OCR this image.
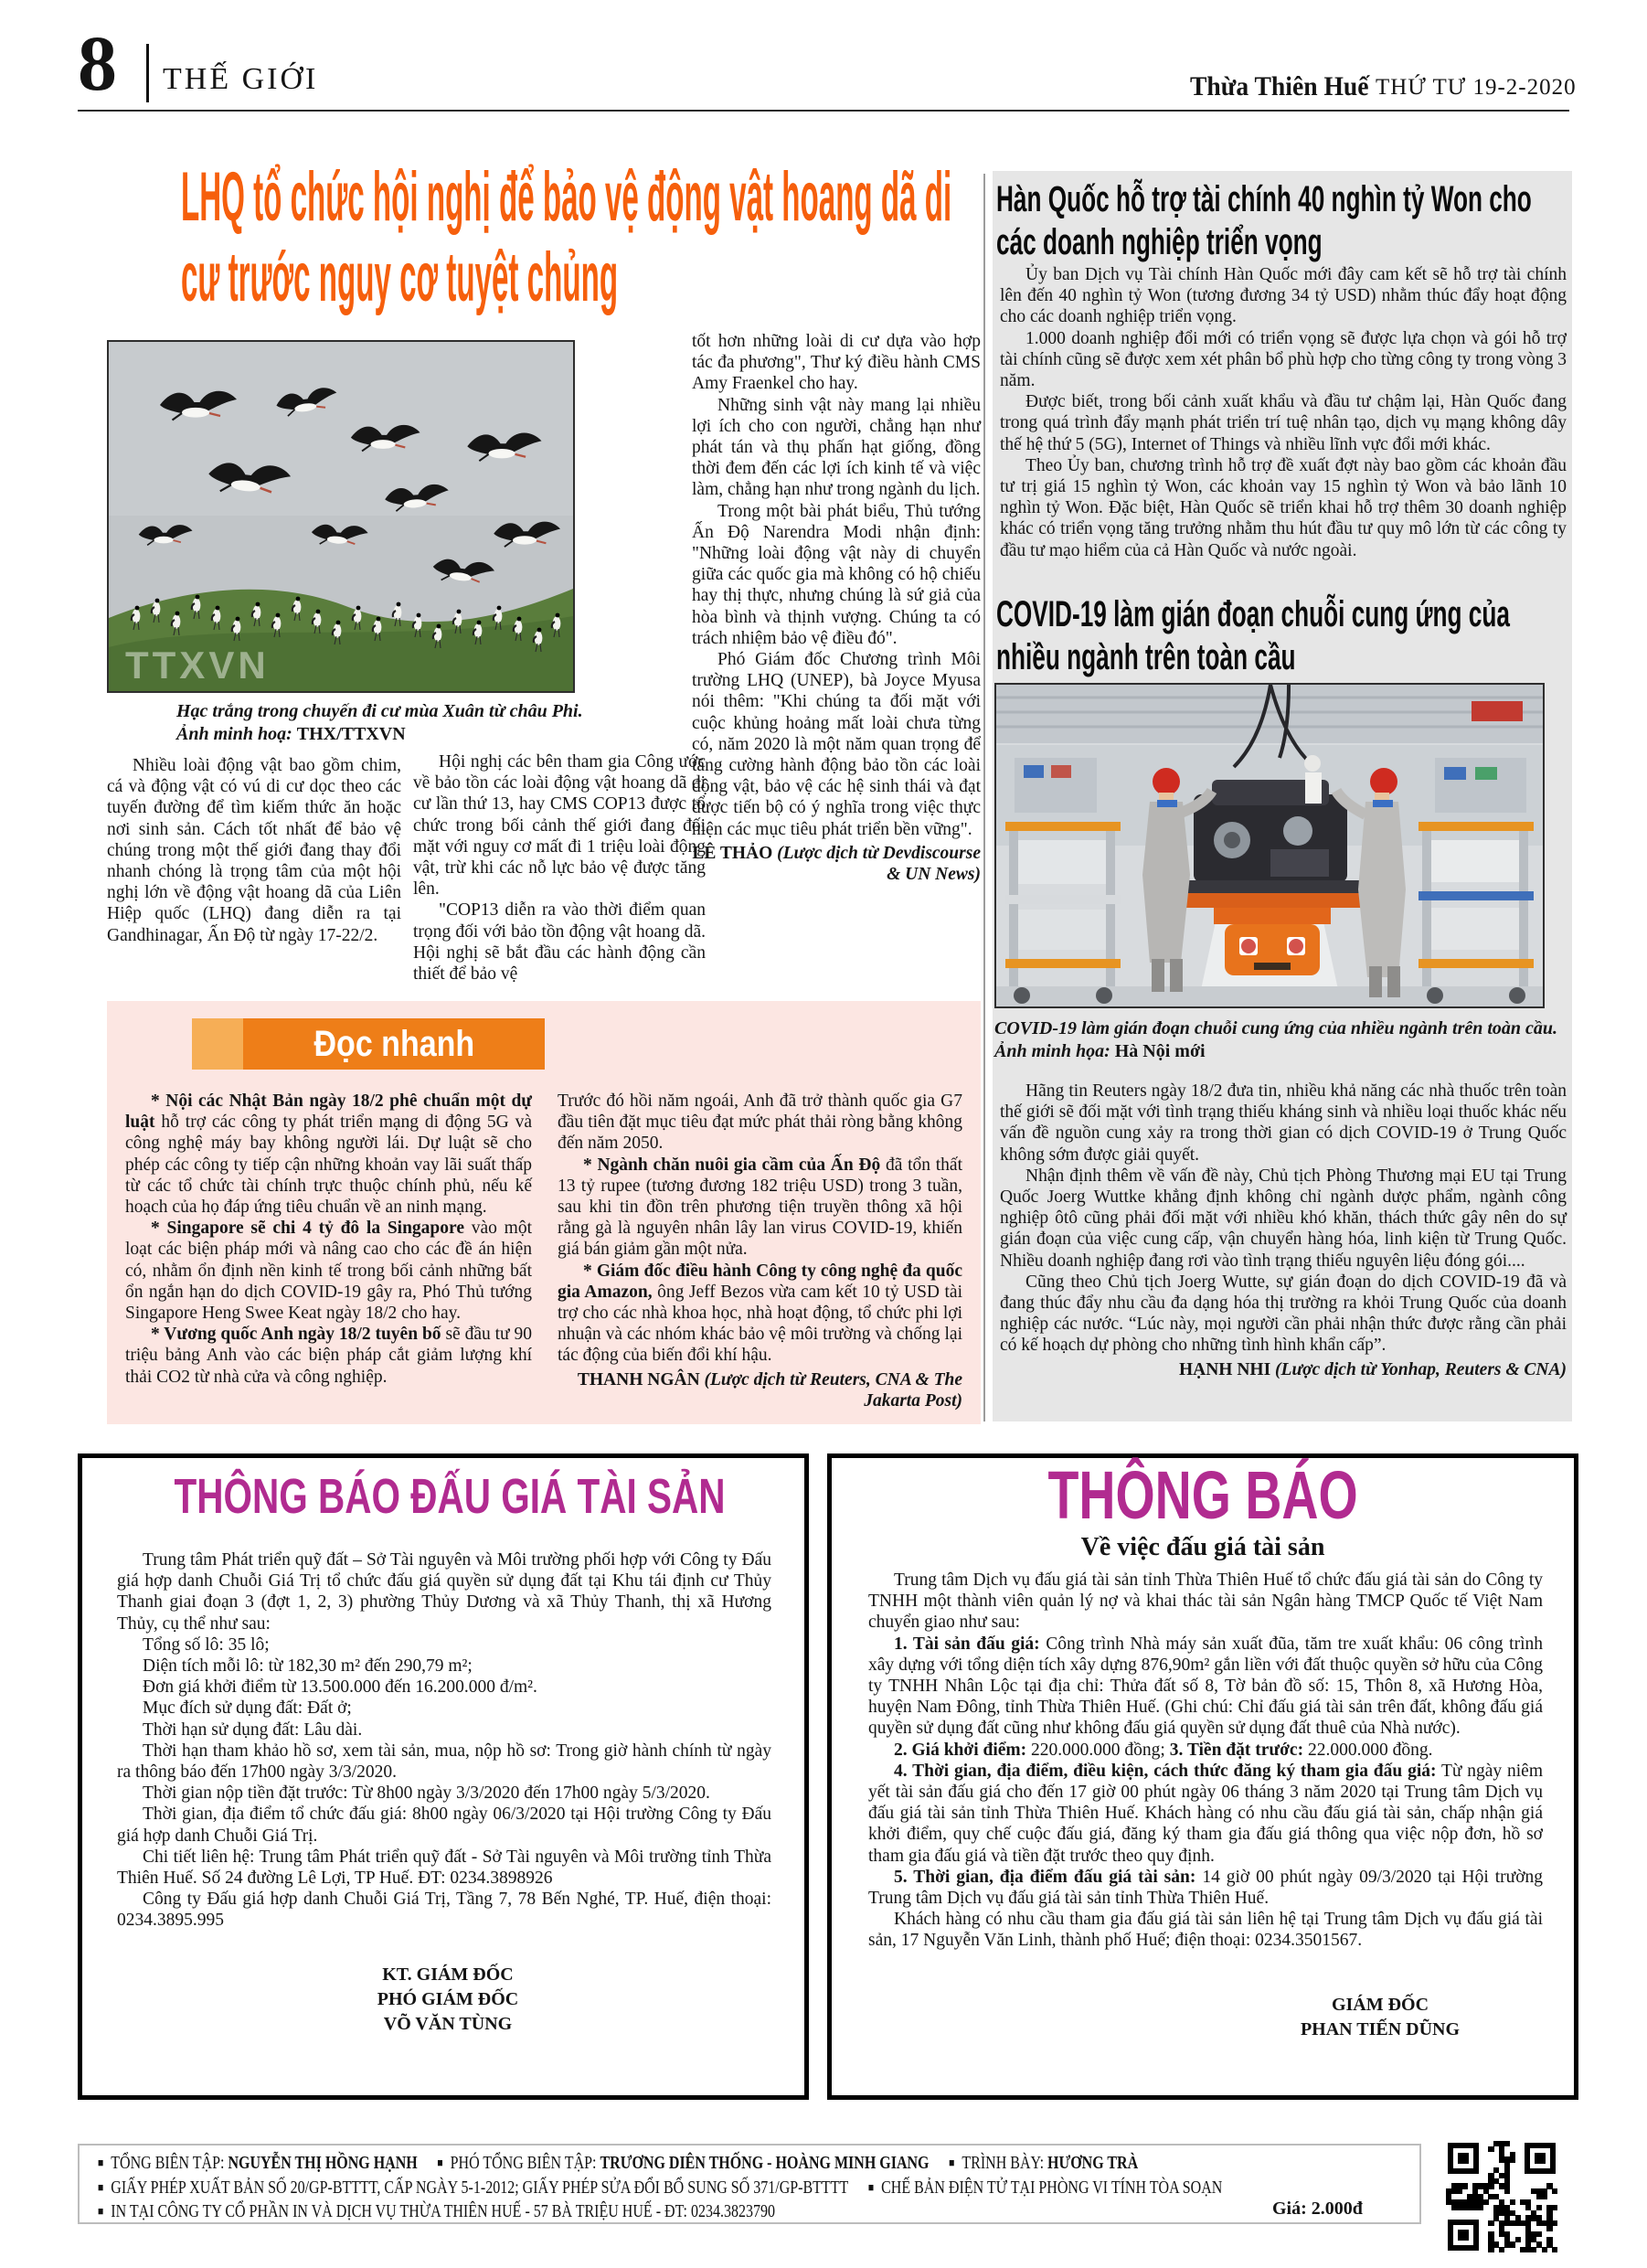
8 THẾ GIỚI	Thừa Thiên Huế THỨ TƯ 19-2-2020
LHQ tổ chức hội nghị để bảo vệ động vật hoang dã di cư trước nguy cơ tuyệt chủng
TTXVN
Hạc trắng trong chuyến đi cư mùa Xuân từ châu Phi.
Ảnh minh hoạ: THX/TTXVN

Nhiều loài động vật bao gồm chim, cá và động vật có vú di cư dọc theo các tuyến đường để tìm kiếm thức ăn hoặc nơi sinh sản. Cách tốt nhất để bảo vệ chúng trong một thế giới đang thay đổi nhanh chóng là trọng tâm của một hội nghị lớn về động vật hoang dã của Liên Hiệp quốc (LHQ) đang diễn ra tại Gandhinagar, Ấn Độ từ ngày 17-22/2.

Hội nghị các bên tham gia Công ước về bảo tồn các loài động vật hoang dã di cư lần thứ 13, hay CMS COP13 được tổ chức trong bối cảnh thế giới đang đối mặt với nguy cơ mất đi 1 triệu loài động vật, trừ khi các nỗ lực bảo vệ được tăng lên.

"COP13 diễn ra vào thời điểm quan trọng đối với bảo tồn động vật hoang dã. Hội nghị sẽ bắt đầu các hành động cần thiết để bảo vệ

tốt hơn những loài di cư dựa vào hợp tác đa phương", Thư ký điều hành CMS Amy Fraenkel cho hay.

Những sinh vật này mang lại nhiều lợi ích cho con người, chẳng hạn như phát tán và thụ phấn hạt giống, đồng thời đem đến các lợi ích kinh tế và việc làm, chẳng hạn như trong ngành du lịch.

Trong một bài phát biểu, Thủ tướng Ấn Độ Narendra Modi nhận định: "Những loài động vật này di chuyển giữa các quốc gia mà không có hộ chiếu hay thị thực, nhưng chúng là sứ giả của hòa bình và thịnh vượng. Chúng ta có trách nhiệm bảo vệ điều đó".

Phó Giám đốc Chương trình Môi trường LHQ (UNEP), bà Joyce Myusa nói thêm: "Khi chúng ta đối mặt với cuộc khủng hoảng mất loài chưa từng có, năm 2020 là một năm quan trọng để tăng cường hành động bảo tồn các loài động vật, bảo vệ các hệ sinh thái và đạt được tiến bộ có ý nghĩa trong việc thực hiện các mục tiêu phát triển bền vững".

LÊ THẢO (Lược dịch từ Devdiscourse & UN News)
Hàn Quốc hỗ trợ tài chính 40 nghìn tỷ Won cho các doanh nghiệp triển vọng

Ủy ban Dịch vụ Tài chính Hàn Quốc mới đây cam kết sẽ hỗ trợ tài chính lên đến 40 nghìn tỷ Won (tương đương 34 tỷ USD) nhằm thúc đẩy hoạt động cho các doanh nghiệp triển vọng.

1.000 doanh nghiệp đổi mới có triển vọng sẽ được lựa chọn và gói hỗ trợ tài chính cũng sẽ được xem xét phân bổ phù hợp cho từng công ty trong vòng 3 năm.

Được biết, trong bối cảnh xuất khẩu và đầu tư chậm lại, Hàn Quốc đang trong quá trình đẩy mạnh phát triển trí tuệ nhân tạo, dịch vụ mạng không dây thế hệ thứ 5 (5G), Internet of Things và nhiều lĩnh vực đổi mới khác.

Theo Ủy ban, chương trình hỗ trợ đề xuất đợt này bao gồm các khoản đầu tư trị giá 15 nghìn tỷ Won, các khoản vay 15 nghìn tỷ Won và bảo lãnh 10 nghìn tỷ Won. Đặc biệt, Hàn Quốc sẽ triển khai hỗ trợ thêm 30 doanh nghiệp khác có triển vọng tăng trưởng nhằm thu hút đầu tư quy mô lớn từ các công ty đầu tư mạo hiểm của cả Hàn Quốc và nước ngoài.

COVID-19 làm gián đoạn chuỗi cung ứng của nhiều ngành trên toàn cầu
COVID-19 làm gián đoạn chuỗi cung ứng của nhiều ngành trên toàn cầu.
Ảnh minh họa: Hà Nội mới

Hãng tin Reuters ngày 18/2 đưa tin, nhiều khả năng các nhà thuốc trên toàn thế giới sẽ đối mặt với tình trạng thiếu kháng sinh và nhiều loại thuốc khác nếu vấn đề nguồn cung xảy ra trong thời gian có dịch COVID-19 ở Trung Quốc không sớm được giải quyết.

Nhận định thêm về vấn đề này, Chủ tịch Phòng Thương mại EU tại Trung Quốc Joerg Wuttke khẳng định không chỉ ngành dược phẩm, ngành công nghiệp ôtô cũng phải đối mặt với nhiều khó khăn, thách thức gây nên do sự gián đoạn của việc cung cấp, vận chuyển hàng hóa, linh kiện từ Trung Quốc. Nhiều doanh nghiệp đang rơi vào tình trạng thiếu nguyên liệu đóng gói....

Cũng theo Chủ tịch Joerg Wutte, sự gián đoạn do dịch COVID-19 đã và đang thúc đẩy nhu cầu đa dạng hóa thị trường ra khỏi Trung Quốc của doanh nghiệp các nước. “Lúc này, mọi người cần phải nhận thức được rằng cần phải có kế hoạch dự phòng cho những tình hình khẩn cấp”.

HẠNH NHI (Lược dịch từ Yonhap, Reuters & CNA)
Đọc nhanh

* Nội các Nhật Bản ngày 18/2 phê chuẩn một dự luật hỗ trợ các công ty phát triển mạng di động 5G và công nghệ máy bay không người lái. Dự luật sẽ cho phép các công ty tiếp cận những khoản vay lãi suất thấp từ các tổ chức tài chính trực thuộc chính phủ, nếu kế hoạch của họ đáp ứng tiêu chuẩn về an ninh mạng.

* Singapore sẽ chi 4 tỷ đô la Singapore vào một loạt các biện pháp mới và nâng cao cho các đề án hiện có, nhằm ổn định nền kinh tế trong bối cảnh những bất ổn ngắn hạn do dịch COVID-19 gây ra, Phó Thủ tướng Singapore Heng Swee Keat ngày 18/2 cho hay.

* Vương quốc Anh ngày 18/2 tuyên bố sẽ đầu tư 90 triệu bảng Anh vào các biện pháp cắt giảm lượng khí thải CO2 từ nhà cửa và công nghiệp.

Trước đó hồi năm ngoái, Anh đã trở thành quốc gia G7 đầu tiên đặt mục tiêu đạt mức phát thải ròng bằng không đến năm 2050.

* Ngành chăn nuôi gia cầm của Ấn Độ đã tổn thất 13 tỷ rupee (tương đương 182 triệu USD) trong 3 tuần, sau khi tin đồn trên phương tiện truyền thông xã hội rằng gà là nguyên nhân lây lan virus COVID-19, khiến giá bán giảm gần một nửa.

* Giám đốc điều hành Công ty công nghệ đa quốc gia Amazon, ông Jeff Bezos vừa cam kết 10 tỷ USD tài trợ cho các nhà khoa học, nhà hoạt động, tổ chức phi lợi nhuận và các nhóm khác bảo vệ môi trường và chống lại tác động của biến đổi khí hậu.

THANH NGÂN (Lược dịch từ Reuters, CNA & The Jakarta Post)
THÔNG BÁO ĐẤU GIÁ TÀI SẢN

Trung tâm Phát triển quỹ đất – Sở Tài nguyên và Môi trường phối hợp với Công ty Đấu giá hợp danh Chuỗi Giá Trị tổ chức đấu giá quyền sử dụng đất tại Khu tái định cư Thủy Thanh giai đoạn 3 (đợt 1, 2, 3) phường Thủy Dương và xã Thủy Thanh, thị xã Hương Thủy, cụ thể như sau:

Tổng số lô: 35 lô;

Diện tích mỗi lô: từ 182,30 m² đến 290,79 m²;

Đơn giá khởi điểm từ 13.500.000 đến 16.200.000 đ/m².

Mục đích sử dụng đất: Đất ở;

Thời hạn sử dụng đất: Lâu dài.

Thời hạn tham khảo hồ sơ, xem tài sản, mua, nộp hồ sơ: Trong giờ hành chính từ ngày ra thông báo đến 17h00 ngày 3/3/2020.

Thời gian nộp tiền đặt trước: Từ 8h00 ngày 3/3/2020 đến 17h00 ngày 5/3/2020.

Thời gian, địa điểm tổ chức đấu giá: 8h00 ngày 06/3/2020 tại Hội trường Công ty Đấu giá hợp danh Chuỗi Giá Trị.

Chi tiết liên hệ: Trung tâm Phát triển quỹ đất - Sở Tài nguyên và Môi trường tỉnh Thừa Thiên Huế. Số 24 đường Lê Lợi, TP Huế. ĐT: 0234.3898926

Công ty Đấu giá hợp danh Chuỗi Giá Trị, Tầng 7, 78 Bến Nghé, TP. Huế, điện thoại: 0234.3895.995

KT. GIÁM ĐỐC
PHÓ GIÁM ĐỐC
VÕ VĂN TÙNG
THÔNG BÁO
Về việc đấu giá tài sản

Trung tâm Dịch vụ đấu giá tài sản tỉnh Thừa Thiên Huế tổ chức đấu giá tài sản do Công ty TNHH một thành viên quản lý nợ và khai thác tài sản Ngân hàng TMCP Quốc tế Việt Nam chuyển giao như sau:

1. Tài sản đấu giá: Công trình Nhà máy sản xuất đũa, tăm tre xuất khẩu: 06 công trình xây dựng với tổng diện tích xây dựng 876,90m² gắn liền với đất thuộc quyền sở hữu của Công ty TNHH Nhân Lộc tại địa chỉ: Thửa đất số 8, Tờ bản đồ số: 15, Thôn 8, xã Hương Hòa, huyện Nam Đông, tỉnh Thừa Thiên Huế. (Ghi chú: Chỉ đấu giá tài sản trên đất, không đấu giá quyền sử dụng đất cũng như không đấu giá quyền sử dụng đất thuê của Nhà nước).

2. Giá khởi điểm: 220.000.000 đồng; 3. Tiền đặt trước: 22.000.000 đồng.

4. Thời gian, địa điểm, điều kiện, cách thức đăng ký tham gia đấu giá: Từ ngày niêm yết tài sản đấu giá cho đến 17 giờ 00 phút ngày 06 tháng 3 năm 2020 tại Trung tâm Dịch vụ đấu giá tài sản tỉnh Thừa Thiên Huế. Khách hàng có nhu cầu đấu giá tài sản, chấp nhận giá khởi điểm, quy chế cuộc đấu giá, đăng ký tham gia đấu giá thông qua việc nộp đơn, hồ sơ tham gia đấu giá và tiền đặt trước theo quy định.

5. Thời gian, địa điểm đấu giá tài sản: 14 giờ 00 phút ngày 09/3/2020 tại Hội trường Trung tâm Dịch vụ đấu giá tài sản tỉnh Thừa Thiên Huế.

Khách hàng có nhu cầu tham gia đấu giá tài sản liên hệ tại Trung tâm Dịch vụ đấu giá tài sản, 17 Nguyễn Văn Linh, thành phố Huế; điện thoại: 0234.3501567.

GIÁM ĐỐC
PHAN TIẾN DŨNG
■ TỔNG BIÊN TẬP: NGUYỄN THỊ HỒNG HẠNH ■ PHÓ TỔNG BIÊN TẬP: TRƯƠNG DIÊN THỐNG - HOÀNG MINH GIANG ■ TRÌNH BÀY: HƯƠNG TRÀ
■ GIẤY PHÉP XUẤT BẢN SỐ 20/GP-BTTTT, CẤP NGÀY 5-1-2012; GIẤY PHÉP SỬA ĐỔI BỔ SUNG SỐ 371/GP-BTTTT ■ CHẾ BẢN ĐIỆN TỬ TẠI PHÒNG VI TÍNH TÒA SOẠN
■ IN TẠI CÔNG TY CỔ PHẦN IN VÀ DỊCH VỤ THỪA THIÊN HUẾ - 57 BÀ TRIỆU HUẾ - ĐT: 0234.3823790	Giá: 2.000đ
